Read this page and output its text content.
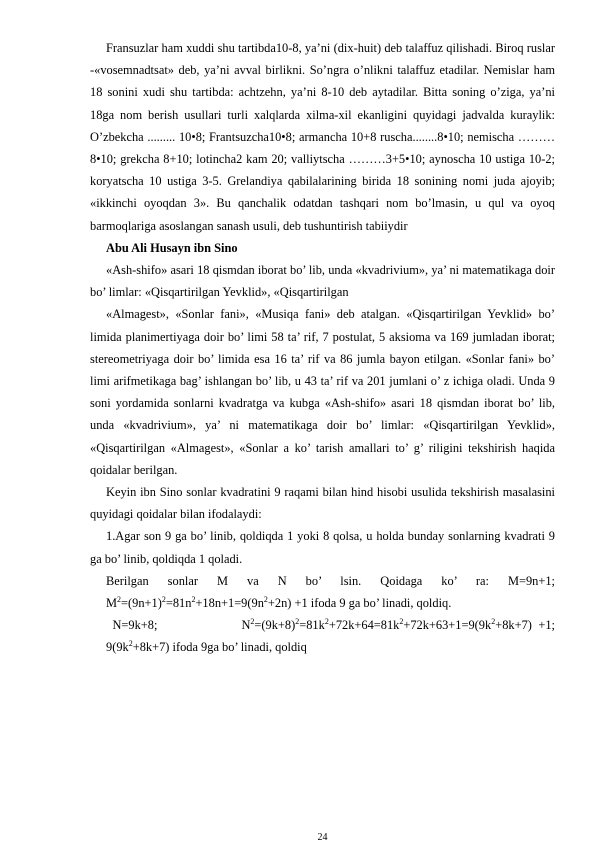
Fransuzlar ham xuddi shu tartibda10-8, ya’ni (dix-huit) deb talaffuz qilishadi. Biroq ruslar -«vosemnadtsat» deb, ya’ni avval birlikni. So’ngra o’nlikni talaffuz etadilar. Nemislar ham 18 sonini xudi shu tartibda: achtzehn, ya’ni 8-10 deb aytadilar. Bitta soning o’ziga, ya’ni 18ga nom berish usullari turli xalqlarda xilma-xil ekanligini quyidagi jadvalda kuraylik: O’zbekcha ......... 10•8; Frantsuzcha10•8; armancha 10+8 ruscha........8•10; nemischa ………8•10; grekcha 8+10; lotincha2 kam 20; valliytscha ………3+5•10; aynoscha 10 ustiga 10-2; koryatscha 10 ustiga 3-5. Grelandiya qabilalarining birida 18 sonining nomi juda ajoyib; «ikkinchi oyoqdan 3». Bu qanchalik odatdan tashqari nom bo’lmasin, u qul va oyoq barmoqlariga asoslangan sanash usuli, deb tushuntirish tabiiydir

Abu Ali Husayn ibn Sino

«Ash-shifo» asari 18 qismdan iborat bo’ lib, unda «kvadrivium», ya’ ni matematikaga doir bo’ limlar: «Qisqartirilgan Yevklid», «Qisqartirilgan

«Almagest», «Sonlar fani», «Musiqa fani» deb atalgan. «Qisqartirilgan Yevklid» bo’ limida planimertiyaga doir bo’ limi 58 ta’ rif, 7 postulat, 5 aksioma va 169 jumladan iborat; stereometriyaga doir bo’ limida esa 16 ta’ rif va 86 jumla bayon etilgan. «Sonlar fani» bo’ limi arifmetikaga bag’ ishlangan bo’ lib, u 43 ta’ rif va 201 jumlani o’ z ichiga oladi. Unda 9 soni yordamida sonlarni kvadratga va kubga «Ash-shifo» asari 18 qismdan iborat bo’ lib, unda «kvadrivium», ya’ ni matematikaga doir bo’ limlar: «Qisqartirilgan Yevklid», «Qisqartirilgan «Almagest», «Sonlar a ko’ tarish amallari to’ g’ riligini tekshirish haqida qoidalar berilgan.

Keyin ibn Sino sonlar kvadratini 9 raqami bilan hind hisobi usulida tekshirish masalasini quyidagi qoidalar bilan ifodalaydi:

1.Agar son 9 ga bo’ linib, qoldiqda 1 yoki 8 qolsa, u holda bunday sonlarning kvadrati 9 ga bo’ linib, qoldiqda 1 qoladi.

Berilgan sonlar M va N bo’ lsin. Qoidaga ko’ ra: M=9n+1;

$M^2=(9n+1)^2=81n^2+18n+1=9(9n^2+2n) +1$ ifoda 9 ga bo’ linadi, qoldiq.

N=9k+8;             $N^2=(9k+8)^2=81k^2+72k+64=81k^2+72k+63+1=9(9k^2+8k+7) +1$;

$9(9k^2+8k+7)$ ifoda 9ga bo’ linadi, qoldiq

24
